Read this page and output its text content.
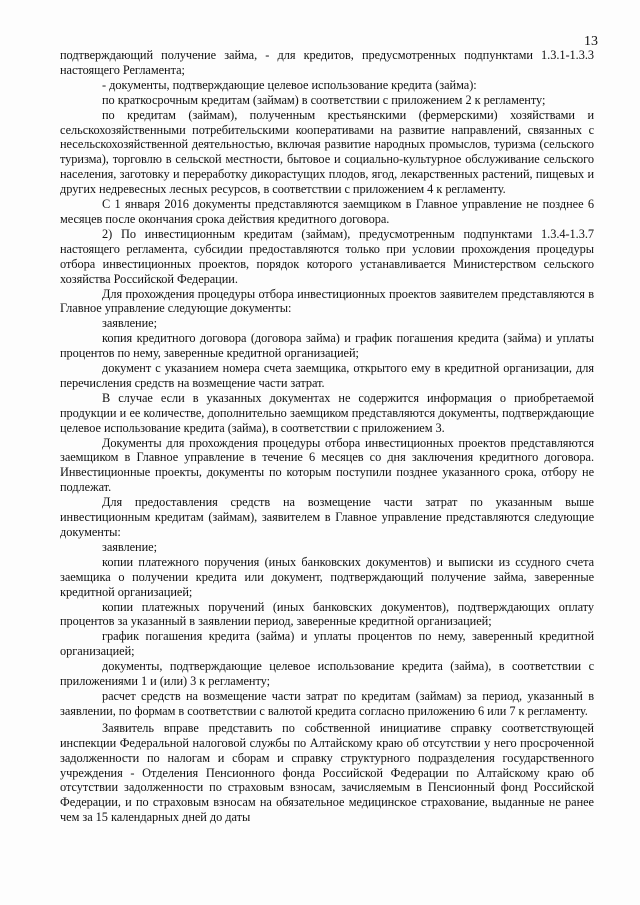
13

подтверждающий получение займа, - для кредитов, предусмотренных подпунктами 1.3.1-1.3.3 настоящего Регламента;

- документы, подтверждающие целевое использование кредита (займа):

по краткосрочным кредитам (займам) в соответствии с приложением 2 к регламенту;

по кредитам (займам), полученным крестьянскими (фермерскими) хозяйствами и сельскохозяйственными потребительскими кооперативами на развитие направлений, связанных с несельскохозяйственной деятельностью, включая развитие народных промыслов, туризма (сельского туризма), торговлю в сельской местности, бытовое и социально-культурное обслуживание сельского населения, заготовку и переработку дикорастущих плодов, ягод, лекарственных растений, пищевых и других недревесных лесных ресурсов, в соответствии с приложением 4 к регламенту.

С 1 января 2016 документы представляются заемщиком в Главное управление не позднее 6 месяцев после окончания срока действия кредитного договора.

2) По инвестиционным кредитам (займам), предусмотренным подпунктами 1.3.4-1.3.7 настоящего регламента, субсидии предоставляются только при условии прохождения процедуры отбора инвестиционных проектов, порядок которого устанавливается Министерством сельского хозяйства Российской Федерации.

Для прохождения процедуры отбора инвестиционных проектов заявителем представляются в Главное управление следующие документы:

заявление;

копия кредитного договора (договора займа) и график погашения кредита (займа) и уплаты процентов по нему, заверенные кредитной организацией;

документ с указанием номера счета заемщика, открытого ему в кредитной организации, для перечисления средств на возмещение части затрат.

В случае если в указанных документах не содержится информация о приобретаемой продукции и ее количестве, дополнительно заемщиком представляются документы, подтверждающие целевое использование кредита (займа), в соответствии с приложением 3.

Документы для прохождения процедуры отбора инвестиционных проектов представляются заемщиком в Главное управление в течение 6 месяцев со дня заключения кредитного договора. Инвестиционные проекты, документы по которым поступили позднее указанного срока, отбору не подлежат.

Для предоставления средств на возмещение части затрат по указанным выше инвестиционным кредитам (займам), заявителем в Главное управление представляются следующие документы:

заявление;

копии платежного поручения (иных банковских документов) и выписки из ссудного счета заемщика о получении кредита или документ, подтверждающий получение займа, заверенные кредитной организацией;

копии платежных поручений (иных банковских документов), подтверждающих оплату процентов за указанный в заявлении период, заверенные кредитной организацией;

график погашения кредита (займа) и уплаты процентов по нему, заверенный кредитной организацией;

документы, подтверждающие целевое использование кредита (займа), в соответствии с приложениями 1 и (или) 3 к регламенту;

расчет средств на возмещение части затрат по кредитам (займам) за период, указанный в заявлении, по формам в соответствии с валютой кредита согласно приложению 6 или 7 к регламенту.

Заявитель вправе представить по собственной инициативе справку соответствующей инспекции Федеральной налоговой службы по Алтайскому краю об отсутствии у него просроченной задолженности по налогам и сборам и справку структурного подразделения государственного учреждения - Отделения Пенсионного фонда Российской Федерации по Алтайскому краю об отсутствии задолженности по страховым взносам, зачисляемым в Пенсионный фонд Российской Федерации, и по страховым взносам на обязательное медицинское страхование, выданные не ранее чем за 15 календарных дней до даты
